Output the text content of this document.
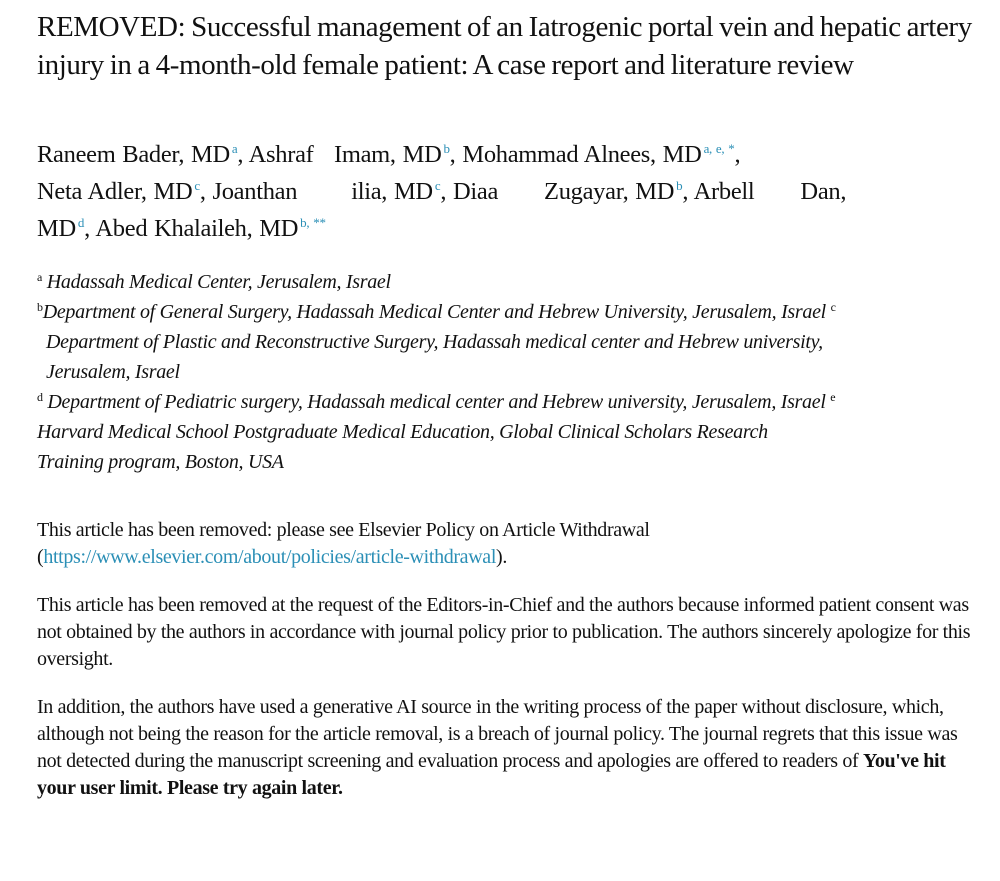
REMOVED: Successful management of an Iatrogenic portal vein and hepatic artery injury in a 4-month-old female patient: A case report and literature review
Raneem Bader, MD $^a$, Ashraf   Imam, MD $^b$, Mohammad Alnees, MD $^{a, e, *}$,
Neta Adler, MD $^c$, Joanthan ilia, MD $^c$, Diaa Zugayar, MD $^b$, Arbell Dan,
MD $^d$, Abed Khalaileh, MD $^{b, **}$
$^a$ Hadassah Medical Center, Jerusalem, Israel
$^b$Department of General Surgery, Hadassah Medical Center and Hebrew University, Jerusalem, Israel $^c$
Department of Plastic and Reconstructive Surgery, Hadassah medical center and Hebrew university,
Jerusalem, Israel
$^d$ Department of Pediatric surgery, Hadassah medical center and Hebrew university, Jerusalem, Israel $^e$
Harvard Medical School Postgraduate Medical Education, Global Clinical Scholars Research
Training program, Boston, USA

This article has been removed: please see Elsevier Policy on Article Withdrawal (https://www.elsevier.com/about/policies/article-withdrawal).

This article has been removed at the request of the Editors-in-Chief and the authors because informed patient consent was not obtained by the authors in accordance with journal policy prior to publication. The authors sincerely apologize for this oversight.

In addition, the authors have used a generative AI source in the writing process of the paper without disclosure, which, although not being the reason for the article removal, is a breach of journal policy. The journal regrets that this issue was not detected during the manuscript screening and evaluation process and apologies are offered to readers of You've hit your user limit. Please try again later.
